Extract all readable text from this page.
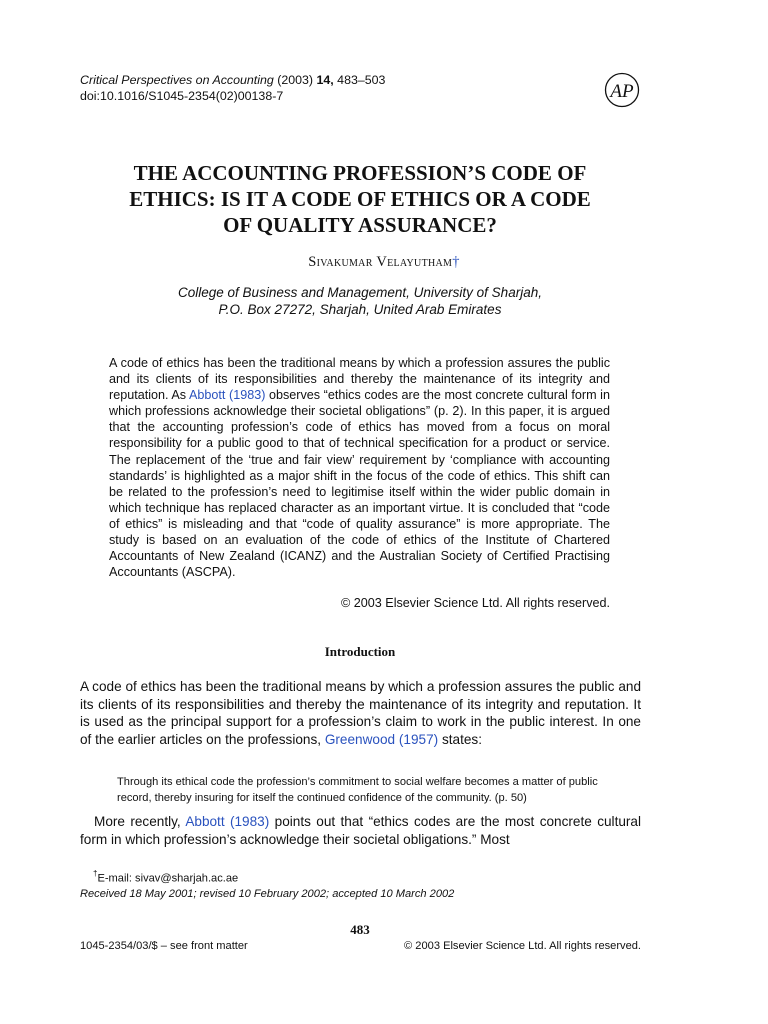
Critical Perspectives on Accounting (2003) 14, 483–503
doi:10.1016/S1045-2354(02)00138-7	AP
THE ACCOUNTING PROFESSION’S CODE OF
ETHICS: IS IT A CODE OF ETHICS OR A CODE
OF QUALITY ASSURANCE?
Sivakumar Velayutham†
College of Business and Management, University of Sharjah,
P.O. Box 27272, Sharjah, United Arab Emirates
A code of ethics has been the traditional means by which a profession assures the public and its clients of its responsibilities and thereby the maintenance of its integrity and reputation. As Abbott (1983) observes “ethics codes are the most concrete cultural form in which professions acknowledge their societal obligations” (p. 2). In this paper, it is argued that the accounting profession’s code of ethics has moved from a focus on moral responsibility for a public good to that of technical specification for a product or service. The replacement of the ‘true and fair view’ requirement by ‘compliance with accounting standards’ is highlighted as a major shift in the focus of the code of ethics. This shift can be related to the profession’s need to legitimise itself within the wider public domain in which technique has replaced character as an important virtue. It is concluded that “code of ethics” is misleading and that “code of quality assurance” is more appropriate. The study is based on an evaluation of the code of ethics of the Institute of Chartered Accountants of New Zealand (ICANZ) and the Australian Society of Certified Practising Accountants (ASCPA).
© 2003 Elsevier Science Ltd. All rights reserved.
Introduction
A code of ethics has been the traditional means by which a profession assures the public and its clients of its responsibilities and thereby the maintenance of its integrity and reputation. It is used as the principal support for a profession’s claim to work in the public interest. In one of the earlier articles on the professions, Greenwood (1957) states:
Through its ethical code the profession’s commitment to social welfare becomes a matter of public record, thereby insuring for itself the continued confidence of the community. (p. 50)
More recently, Abbott (1983) points out that “ethics codes are the most concrete cultural form in which profession’s acknowledge their societal obligations.” Most
†E-mail: sivav@sharjah.ac.ae
Received 18 May 2001; revised 10 February 2002; accepted 10 March 2002
483
1045-2354/03/$ – see front matter	© 2003 Elsevier Science Ltd. All rights reserved.
